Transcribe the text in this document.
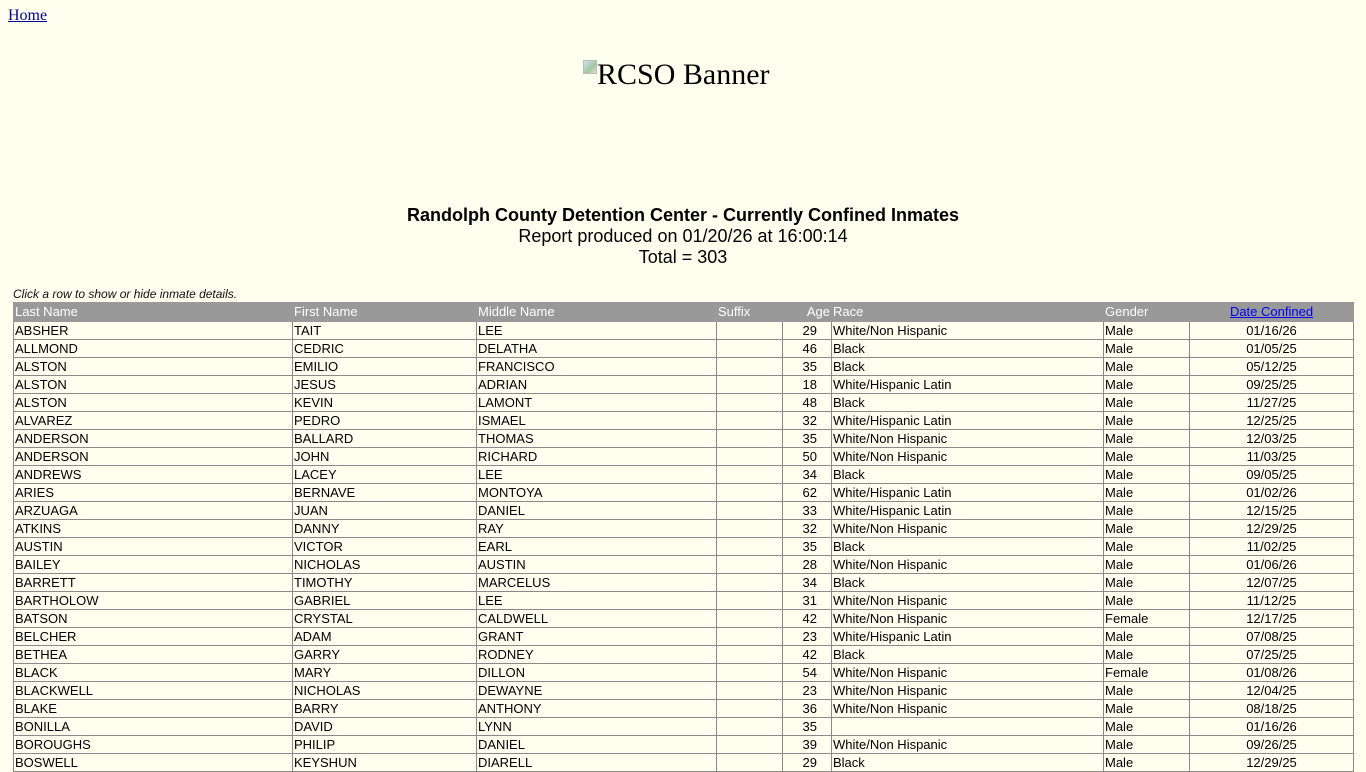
Home
RCSO Banner
Randolph County Detention Center - Currently Confined Inmates
Report produced on 01/20/26 at 16:00:14
Total = 303
Click a row to show or hide inmate details.
Last Name	First Name	Middle Name	Suffix	Age	Race	Gender	Date Confined
ABSHER	TAIT	LEE		29	White/Non Hispanic	Male	01/16/26
ALLMOND	CEDRIC	DELATHA		46	Black	Male	01/05/25
ALSTON	EMILIO	FRANCISCO		35	Black	Male	05/12/25
ALSTON	JESUS	ADRIAN		18	White/Hispanic Latin	Male	09/25/25
ALSTON	KEVIN	LAMONT		48	Black	Male	11/27/25
ALVAREZ	PEDRO	ISMAEL		32	White/Hispanic Latin	Male	12/25/25
ANDERSON	BALLARD	THOMAS		35	White/Non Hispanic	Male	12/03/25
ANDERSON	JOHN	RICHARD		50	White/Non Hispanic	Male	11/03/25
ANDREWS	LACEY	LEE		34	Black	Male	09/05/25
ARIES	BERNAVE	MONTOYA		62	White/Hispanic Latin	Male	01/02/26
ARZUAGA	JUAN	DANIEL		33	White/Hispanic Latin	Male	12/15/25
ATKINS	DANNY	RAY		32	White/Non Hispanic	Male	12/29/25
AUSTIN	VICTOR	EARL		35	Black	Male	11/02/25
BAILEY	NICHOLAS	AUSTIN		28	White/Non Hispanic	Male	01/06/26
BARRETT	TIMOTHY	MARCELUS		34	Black	Male	12/07/25
BARTHOLOW	GABRIEL	LEE		31	White/Non Hispanic	Male	11/12/25
BATSON	CRYSTAL	CALDWELL		42	White/Non Hispanic	Female	12/17/25
BELCHER	ADAM	GRANT		23	White/Hispanic Latin	Male	07/08/25
BETHEA	GARRY	RODNEY		42	Black	Male	07/25/25
BLACK	MARY	DILLON		54	White/Non Hispanic	Female	01/08/26
BLACKWELL	NICHOLAS	DEWAYNE		23	White/Non Hispanic	Male	12/04/25
BLAKE	BARRY	ANTHONY		36	White/Non Hispanic	Male	08/18/25
BONILLA	DAVID	LYNN		35		Male	01/16/26
BOROUGHS	PHILIP	DANIEL		39	White/Non Hispanic	Male	09/26/25
BOSWELL	KEYSHUN	DIARELL		29	Black	Male	12/29/25
